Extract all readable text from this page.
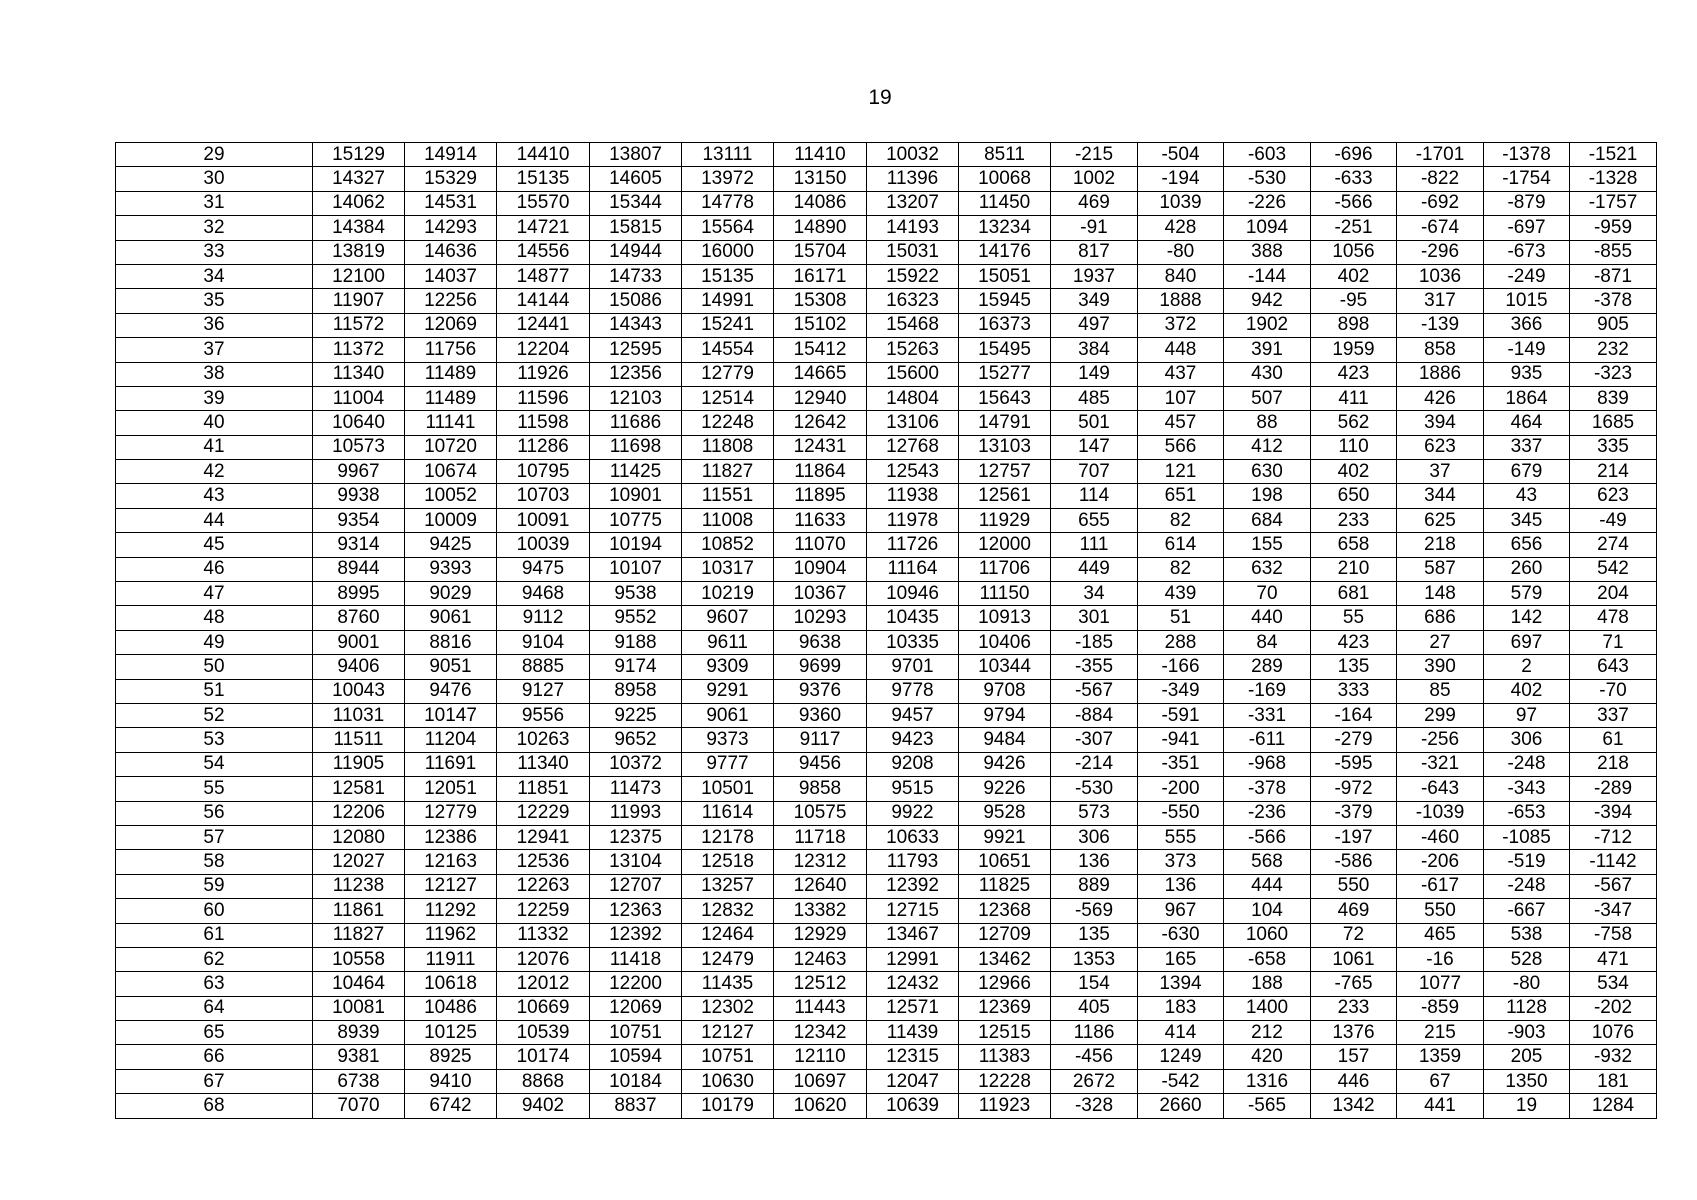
19
29	15129	14914	14410	13807	13111	11410	10032	8511	-215	-504	-603	-696	-1701	-1378	-1521
30	14327	15329	15135	14605	13972	13150	11396	10068	1002	-194	-530	-633	-822	-1754	-1328
31	14062	14531	15570	15344	14778	14086	13207	11450	469	1039	-226	-566	-692	-879	-1757
32	14384	14293	14721	15815	15564	14890	14193	13234	-91	428	1094	-251	-674	-697	-959
33	13819	14636	14556	14944	16000	15704	15031	14176	817	-80	388	1056	-296	-673	-855
34	12100	14037	14877	14733	15135	16171	15922	15051	1937	840	-144	402	1036	-249	-871
35	11907	12256	14144	15086	14991	15308	16323	15945	349	1888	942	-95	317	1015	-378
36	11572	12069	12441	14343	15241	15102	15468	16373	497	372	1902	898	-139	366	905
37	11372	11756	12204	12595	14554	15412	15263	15495	384	448	391	1959	858	-149	232
38	11340	11489	11926	12356	12779	14665	15600	15277	149	437	430	423	1886	935	-323
39	11004	11489	11596	12103	12514	12940	14804	15643	485	107	507	411	426	1864	839
40	10640	11141	11598	11686	12248	12642	13106	14791	501	457	88	562	394	464	1685
41	10573	10720	11286	11698	11808	12431	12768	13103	147	566	412	110	623	337	335
42	9967	10674	10795	11425	11827	11864	12543	12757	707	121	630	402	37	679	214
43	9938	10052	10703	10901	11551	11895	11938	12561	114	651	198	650	344	43	623
44	9354	10009	10091	10775	11008	11633	11978	11929	655	82	684	233	625	345	-49
45	9314	9425	10039	10194	10852	11070	11726	12000	111	614	155	658	218	656	274
46	8944	9393	9475	10107	10317	10904	11164	11706	449	82	632	210	587	260	542
47	8995	9029	9468	9538	10219	10367	10946	11150	34	439	70	681	148	579	204
48	8760	9061	9112	9552	9607	10293	10435	10913	301	51	440	55	686	142	478
49	9001	8816	9104	9188	9611	9638	10335	10406	-185	288	84	423	27	697	71
50	9406	9051	8885	9174	9309	9699	9701	10344	-355	-166	289	135	390	2	643
51	10043	9476	9127	8958	9291	9376	9778	9708	-567	-349	-169	333	85	402	-70
52	11031	10147	9556	9225	9061	9360	9457	9794	-884	-591	-331	-164	299	97	337
53	11511	11204	10263	9652	9373	9117	9423	9484	-307	-941	-611	-279	-256	306	61
54	11905	11691	11340	10372	9777	9456	9208	9426	-214	-351	-968	-595	-321	-248	218
55	12581	12051	11851	11473	10501	9858	9515	9226	-530	-200	-378	-972	-643	-343	-289
56	12206	12779	12229	11993	11614	10575	9922	9528	573	-550	-236	-379	-1039	-653	-394
57	12080	12386	12941	12375	12178	11718	10633	9921	306	555	-566	-197	-460	-1085	-712
58	12027	12163	12536	13104	12518	12312	11793	10651	136	373	568	-586	-206	-519	-1142
59	11238	12127	12263	12707	13257	12640	12392	11825	889	136	444	550	-617	-248	-567
60	11861	11292	12259	12363	12832	13382	12715	12368	-569	967	104	469	550	-667	-347
61	11827	11962	11332	12392	12464	12929	13467	12709	135	-630	1060	72	465	538	-758
62	10558	11911	12076	11418	12479	12463	12991	13462	1353	165	-658	1061	-16	528	471
63	10464	10618	12012	12200	11435	12512	12432	12966	154	1394	188	-765	1077	-80	534
64	10081	10486	10669	12069	12302	11443	12571	12369	405	183	1400	233	-859	1128	-202
65	8939	10125	10539	10751	12127	12342	11439	12515	1186	414	212	1376	215	-903	1076
66	9381	8925	10174	10594	10751	12110	12315	11383	-456	1249	420	157	1359	205	-932
67	6738	9410	8868	10184	10630	10697	12047	12228	2672	-542	1316	446	67	1350	181
68	7070	6742	9402	8837	10179	10620	10639	11923	-328	2660	-565	1342	441	19	1284
